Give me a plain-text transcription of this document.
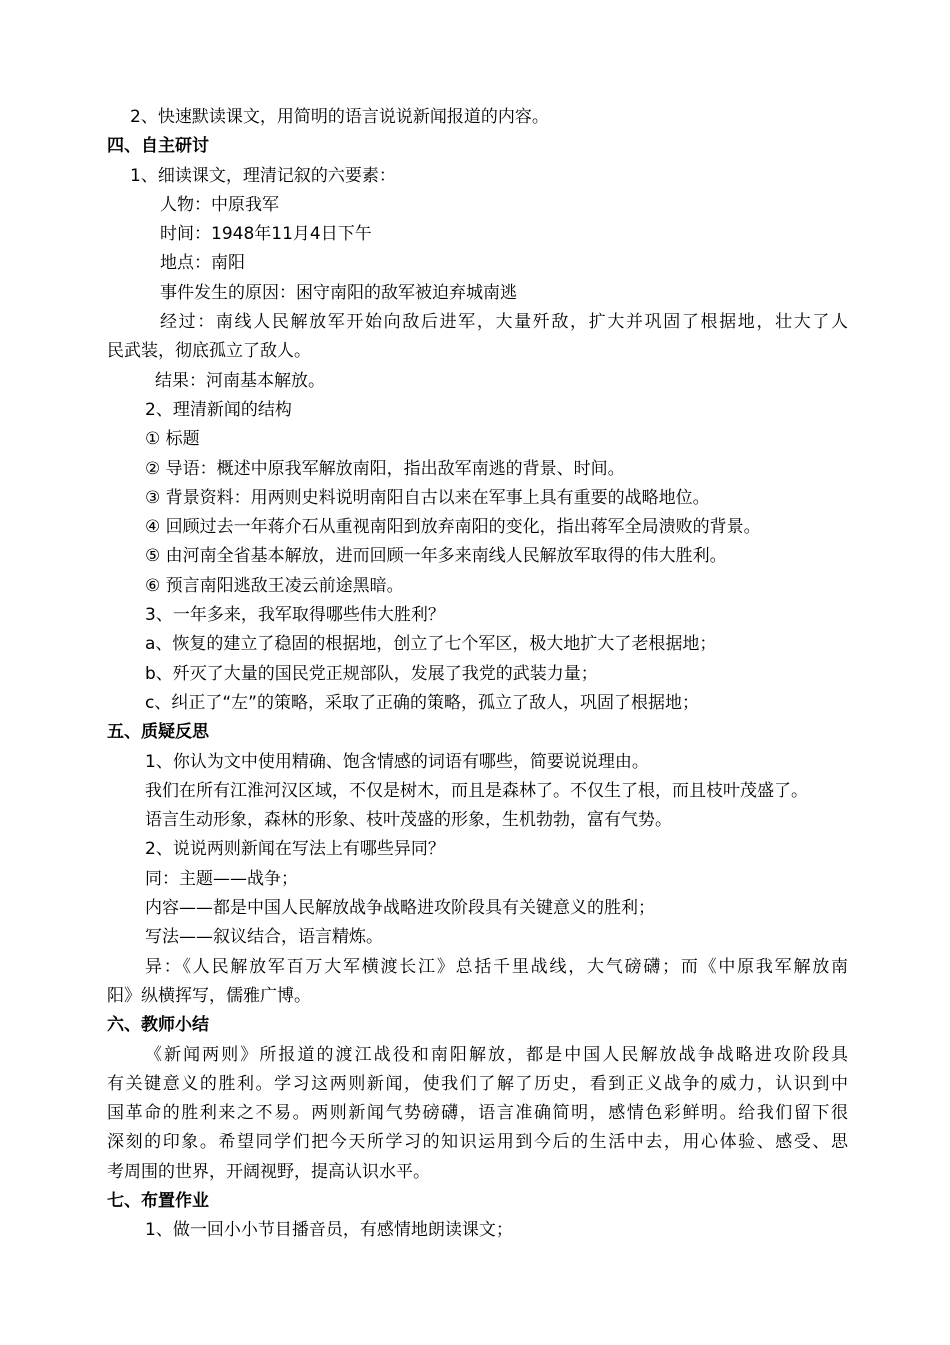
2、快速默读课文，用简明的语言说说新闻报道的内容。
四、自主研讨
1、细读课文，理清记叙的六要素：
人物：中原我军
时间：1948年11月4日下午
地点：南阳
事件发生的原因：困守南阳的敌军被迫弃城南逃
经过：南线人民解放军开始向敌后进军，大量歼敌，扩大并巩固了根据地，壮大了人
民武装，彻底孤立了敌人。
结果：河南基本解放。
2、理清新闻的结构
① 标题
② 导语：概述中原我军解放南阳，指出敌军南逃的背景、时间。
③ 背景资料：用两则史料说明南阳自古以来在军事上具有重要的战略地位。
④ 回顾过去一年蒋介石从重视南阳到放弃南阳的变化，指出蒋军全局溃败的背景。
⑤ 由河南全省基本解放，进而回顾一年多来南线人民解放军取得的伟大胜利。
⑥ 预言南阳逃敌王凌云前途黑暗。
3、一年多来，我军取得哪些伟大胜利？
a、恢复的建立了稳固的根据地，创立了七个军区，极大地扩大了老根据地；
b、歼灭了大量的国民党正规部队，发展了我党的武装力量；
c、纠正了“左”的策略，采取了正确的策略，孤立了敌人，巩固了根据地；
五、质疑反思
1、你认为文中使用精确、饱含情感的词语有哪些，简要说说理由。
我们在所有江淮河汉区域，不仅是树木，而且是森林了。不仅生了根，而且枝叶茂盛了。
语言生动形象，森林的形象、枝叶茂盛的形象，生机勃勃，富有气势。
2、说说两则新闻在写法上有哪些异同？
同：主题——战争；
内容——都是中国人民解放战争战略进攻阶段具有关键意义的胜利；
写法——叙议结合，语言精炼。
异：《人民解放军百万大军横渡长江》总括千里战线，大气磅礴；而《中原我军解放南
阳》纵横挥写，儒雅广博。
六、教师小结
《新闻两则》所报道的渡江战役和南阳解放，都是中国人民解放战争战略进攻阶段具
有关键意义的胜利。学习这两则新闻，使我们了解了历史，看到正义战争的威力，认识到中
国革命的胜利来之不易。两则新闻气势磅礴，语言准确简明，感情色彩鲜明。给我们留下很
深刻的印象。希望同学们把今天所学习的知识运用到今后的生活中去，用心体验、感受、思
考周围的世界，开阔视野，提高认识水平。
七、布置作业
1、做一回小小节目播音员，有感情地朗读课文；
